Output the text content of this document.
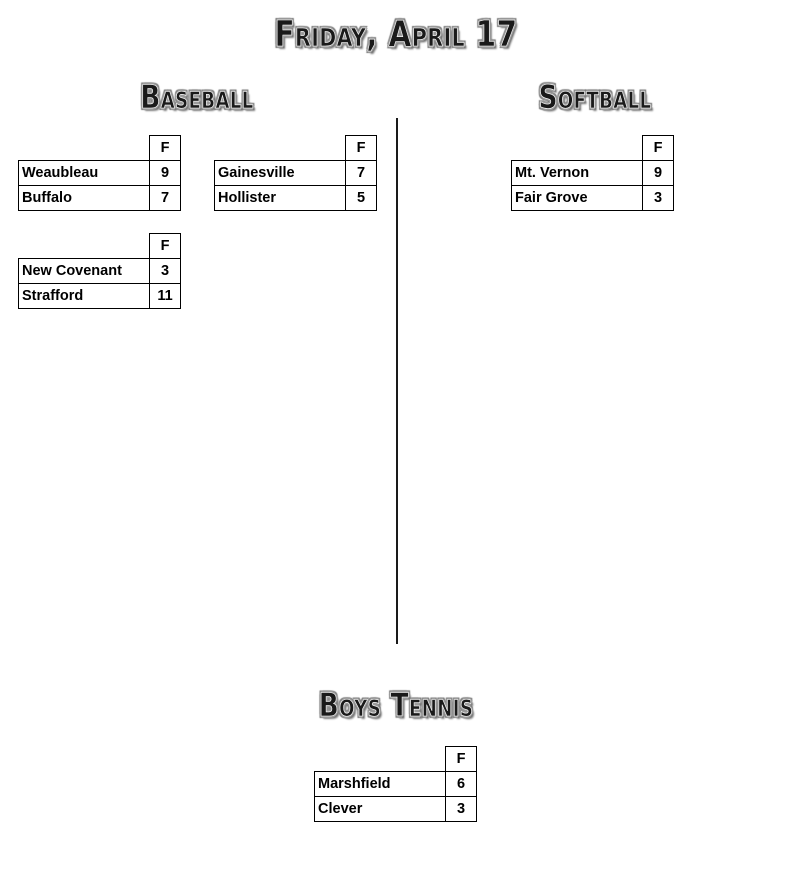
Friday, April 17
Baseball	Softball
	F
Weaubleau	9
Buffalo	7
	F
Gainesville	7
Hollister	5
	F
New Covenant	3
Strafford	11
	F
Mt. Vernon	9
Fair Grove	3
Boys Tennis
	F
Marshfield	6
Clever	3
